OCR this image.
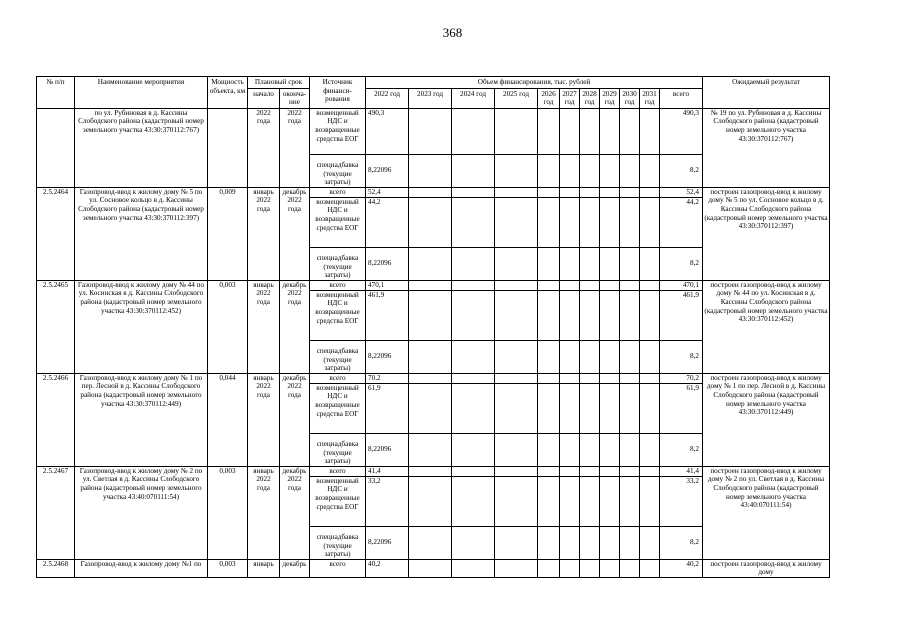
368
№ п/п	Наименование мероприятия	Мощность объекта, км	Плановый срок		Источник финанси-рования	Объем финансирования, тыс. рублей											Ожидаемый результат
			начало	оконча-ние		2022 год	2023 год	2024 год	2025 год	2026 год	2027 год	2028 год	2029 год	2030 год	2031 год	всего	

	по ул. Рубиновая в д. Кассины Слободского района (кадастровый номер земельного участка 43:30:370112:767)		2022 года	2022 года	возмещенный НДС и возвращенные средства ЕОГ	490,3										490,3	№ 19 по ул. Рубиновая в д. Кассины Слободского района (кадастровый номер земельного участка 43:30:370112:767)
					спецнадбавка (текущие затраты)	8,22096										8,2	
2.5.2464	Газопровод-ввод к жилому дому № 5 по ул. Сосновое кольцо в д. Кассины Слободского района (кадастровый номер земельного участка 43:30:370112:397)	0,009	январь 2022 года	декабрь 2022 года	всего	52,4										52,4	построен газопровод-ввод к жилому дому № 5 по ул. Сосновое кольцо в д. Кассины Слободского района (кадастровый номер земельного участка 43:30:370112:397)
					возмещенный НДС и возвращенные средства ЕОГ	44,2										44,2	
					спецнадбавка (текущие затраты)	8,22096										8,2	
2.5.2465	Газопровод-ввод к жилому дому № 44 по ул. Косинская в д. Кассины Слободского района (кадастровый номер земельного участка 43:30:370112:452)	0,003	январь 2022 года	декабрь 2022 года	всего	470,1										470,1	построен газопровод-ввод к жилому дому № 44 по ул. Косинская в д. Кассины Слободского района (кадастровый номер земельного участка 43:30:370112:452)
					возмещенный НДС и возвращенные средства ЕОГ	461,9										461,9	
					спецнадбавка (текущие затраты)	8,22096										8,2	
2.5.2466	Газопровод-ввод к жилому дому № 1 по пер. Лесной в д. Кассины Слободского района (кадастровый номер земельного участка 43:30:370112:449)	0,044	январь 2022 года	декабрь 2022 года	всего	70,2										70,2	построен газопровод-ввод к жилому дому № 1 по пер. Лесной в д. Кассины Слободского района (кадастровый номер земельного участка 43:30:370112:449)
					возмещенный НДС и возвращенные средства ЕОГ	61,9										61,9	
					спецнадбавка (текущие затраты)	8,22096										8,2	
2.5.2467	Газопровод-ввод к жилому дому № 2 по ул. Светлая в д. Кассины Слободского района (кадастровый номер земельного участка 43:40:070111:54)	0,003	январь 2022 года	декабрь 2022 года	всего	41,4										41,4	построен газопровод-ввод к жилому дому № 2 по ул. Светлая в д. Кассины Слободского района (кадастровый номер земельного участка 43:40:070111:54)
					возмещенный НДС и возвращенные средства ЕОГ	33,2										33,2	
					спецнадбавка (текущие затраты)	8,22096										8,2	
2.5.2468	Газопровод-ввод к жилому дому №1 по	0,003	январь	декабрь	всего	40,2										40,2	построен газопровод-ввод к жилому дому
